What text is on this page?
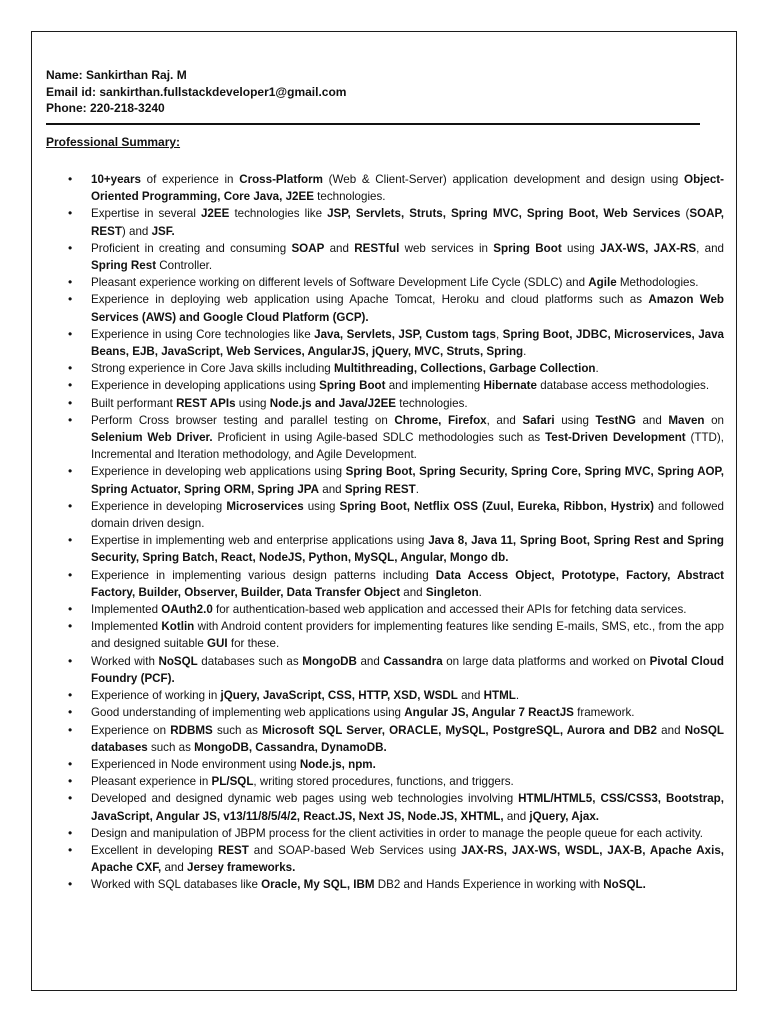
Name: Sankirthan Raj. M
Email id: sankirthan.fullstackdeveloper1@gmail.com
Phone: 220-218-3240
Professional Summary:
• 10+years of experience in Cross-Platform (Web & Client-Server) application development and design using Object-Oriented Programming, Core Java, J2EE technologies.
• Expertise in several J2EE technologies like JSP, Servlets, Struts, Spring MVC, Spring Boot, Web Services (SOAP, REST) and JSF.
• Proficient in creating and consuming SOAP and RESTful web services in Spring Boot using JAX-WS, JAX-RS, and Spring Rest Controller.
• Pleasant experience working on different levels of Software Development Life Cycle (SDLC) and Agile Methodologies.
• Experience in deploying web application using Apache Tomcat, Heroku and cloud platforms such as Amazon Web Services (AWS) and Google Cloud Platform (GCP).
• Experience in using Core technologies like Java, Servlets, JSP, Custom tags, Spring Boot, JDBC, Microservices, Java Beans, EJB, JavaScript, Web Services, AngularJS, jQuery, MVC, Struts, Spring.
• Strong experience in Core Java skills including Multithreading, Collections, Garbage Collection.
• Experience in developing applications using Spring Boot and implementing Hibernate database access methodologies.
• Built performant REST APIs using Node.js and Java/J2EE technologies.
• Perform Cross browser testing and parallel testing on Chrome, Firefox, and Safari using TestNG and Maven on Selenium Web Driver. Proficient in using Agile-based SDLC methodologies such as Test-Driven Development (TTD), Incremental and Iteration methodology, and Agile Development.
• Experience in developing web applications using Spring Boot, Spring Security, Spring Core, Spring MVC, Spring AOP, Spring Actuator, Spring ORM, Spring JPA and Spring REST.
• Experience in developing Microservices using Spring Boot, Netflix OSS (Zuul, Eureka, Ribbon, Hystrix) and followed domain driven design.
• Expertise in implementing web and enterprise applications using Java 8, Java 11, Spring Boot, Spring Rest and Spring Security, Spring Batch, React, NodeJS, Python, MySQL, Angular, Mongo db.
• Experience in implementing various design patterns including Data Access Object, Prototype, Factory, Abstract Factory, Builder, Observer, Builder, Data Transfer Object and Singleton.
• Implemented OAuth2.0 for authentication-based web application and accessed their APIs for fetching data services.
• Implemented Kotlin with Android content providers for implementing features like sending E-mails, SMS, etc., from the app and designed suitable GUI for these.
• Worked with NoSQL databases such as MongoDB and Cassandra on large data platforms and worked on Pivotal Cloud Foundry (PCF).
• Experience of working in jQuery, JavaScript, CSS, HTTP, XSD, WSDL and HTML.
• Good understanding of implementing web applications using Angular JS, Angular 7 ReactJS framework.
• Experience on RDBMS such as Microsoft SQL Server, ORACLE, MySQL, PostgreSQL, Aurora and DB2 and NoSQL databases such as MongoDB, Cassandra, DynamoDB.
• Experienced in Node environment using Node.js, npm.
• Pleasant experience in PL/SQL, writing stored procedures, functions, and triggers.
• Developed and designed dynamic web pages using web technologies involving HTML/HTML5, CSS/CSS3, Bootstrap, JavaScript, Angular JS, v13/11/8/5/4/2, React.JS, Next JS, Node.JS, XHTML, and jQuery, Ajax.
• Design and manipulation of JBPM process for the client activities in order to manage the people queue for each activity.
• Excellent in developing REST and SOAP-based Web Services using JAX-RS, JAX-WS, WSDL, JAX-B, Apache Axis, Apache CXF, and Jersey frameworks.
• Worked with SQL databases like Oracle, My SQL, IBM DB2 and Hands Experience in working with NoSQL.
